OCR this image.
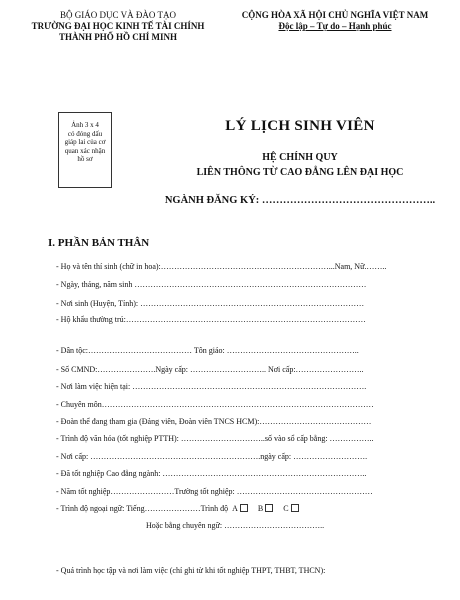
BỘ GIÁO DỤC VÀ ĐÀO TẠO
TRƯỜNG ĐẠI HỌC KINH TẾ TÀI CHÍNH
THÀNH PHỐ HỒ CHÍ MINH
CỘNG HÒA XÃ HỘI CHỦ NGHĨA VIỆT NAM
Độc lập – Tự do – Hạnh phúc
Ảnh 3 x 4
có đóng dấu
giáp lai của cơ
quan xác nhận
hồ sơ
LÝ LỊCH SINH VIÊN
HỆ CHÍNH QUY
LIÊN THÔNG TỪ CAO ĐẲNG LÊN ĐẠI HỌC
NGÀNH ĐĂNG KÝ: …………………………………………..
I. PHẦN BẢN THÂN
- Họ và tên thí sinh (chữ in hoa):………………………………………………………...Nam, Nữ.……..
- Ngày, tháng, năm sinh ……………………………………………………………………………
- Nơi sinh (Huyện, Tỉnh): …………………………………………………………………………
- Hộ khẩu thường trú:………………………………………………………………………………
- Dân tộc:………………………………… Tôn giáo: …………………………………………..
- Số CMND:………………….Ngày cấp: ……………………….. Nơi cấp:……………………..
- Nơi làm việc hiện tại: …………………………………………………………………………….
- Chuyên môn…………………………………………………………………………………………
- Đoàn thể đang tham gia (Đảng viên, Đoàn viên TNCS HCM):……………………………………
- Trình độ văn hóa (tốt nghiệp PTTH): …………………………..số vào sổ cấp bằng: ……………..
- Nơi cấp: ……………………………………………………….ngày cấp: ……………………….
- Đã tốt nghiệp Cao đẳng ngành: …………………………………………………………………..
- Năm tốt nghiệp……………………Trường tốt nghiệp: ……………………………………………
- Trình độ ngoại ngữ: Tiếng…………………Trình độ A	B	C
Hoặc bằng chuyên ngữ: ………………………………..
- Quá trình học tập và nơi làm việc (chỉ ghi từ khi tốt nghiệp THPT, THBT, THCN):
